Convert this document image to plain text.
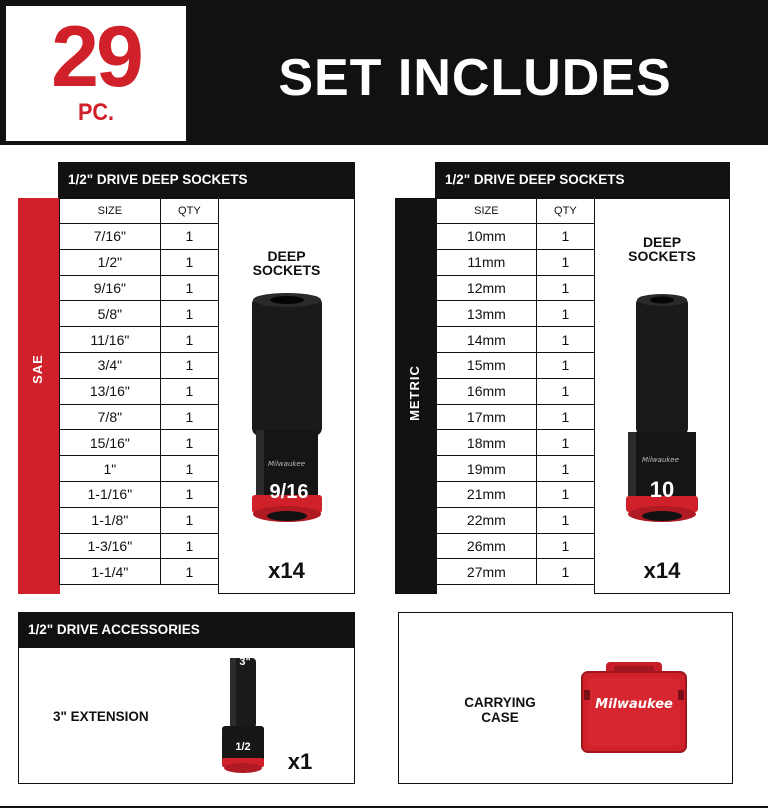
29
PC.
SET INCLUDES
1/2" DRIVE DEEP SOCKETS
SAE
SIZE	QTY
7/16"	1
1/2"	1
9/16"	1
5/8"	1
11/16"	1
3/4"	1
13/16"	1
7/8"	1
15/16"	1
1"	1
1-1/16"	1
1-1/8"	1
1-3/16"	1
1-1/4"	1
DEEP
SOCKETS
Milwaukee
9/16
x14
1/2" DRIVE DEEP SOCKETS
METRIC
SIZE	QTY
10mm	1
11mm	1
12mm	1
13mm	1
14mm	1
15mm	1
16mm	1
17mm	1
18mm	1
19mm	1
21mm	1
22mm	1
26mm	1
27mm	1
DEEP
SOCKETS
Milwaukee
10
x14
1/2" DRIVE ACCESSORIES
3" EXTENSION
3"
1/2
x1
CARRYING
CASE
Milwaukee
